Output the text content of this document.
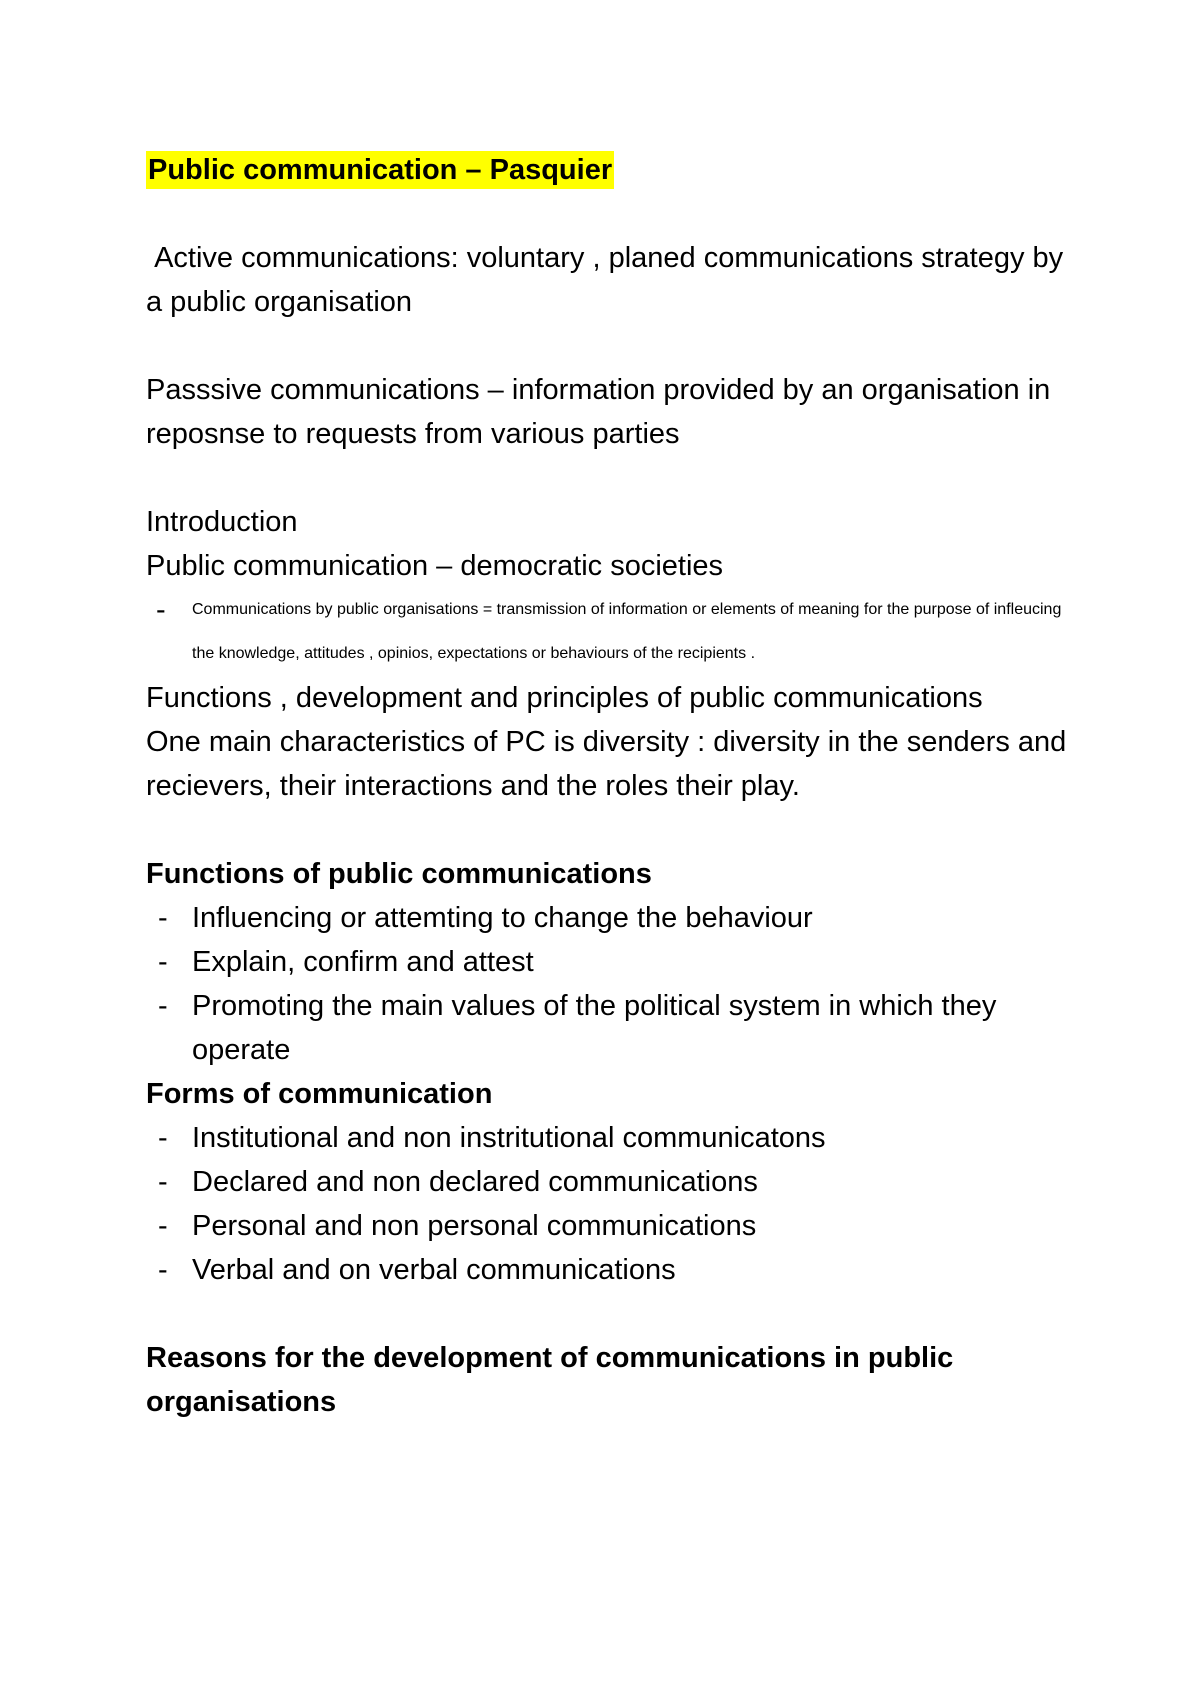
Public communication – Pasquier

Active communications: voluntary , planed communications strategy by a public organisation

Passsive communications – information provided by an organisation in reposnse to requests from various parties

Introduction

Public communication – democratic societies

- Communications by public organisations = transmission of information or elements of meaning for the purpose of infleucing the knowledge, attitudes , opinios, expectations or behaviours of the recipients .

Functions , development and principles of public communications

One main characteristics of PC is diversity : diversity in the senders and recievers, their interactions and the roles their play.

Functions of public communications

- Influencing or attemting to change the behaviour
- Explain, confirm and attest
- Promoting the main values of the political system in which they operate

Forms of communication

- Institutional and non instritutional communicatons
- Declared and non declared communications
- Personal and non personal communications
- Verbal and on verbal communications

Reasons for the development of communications in public organisations
